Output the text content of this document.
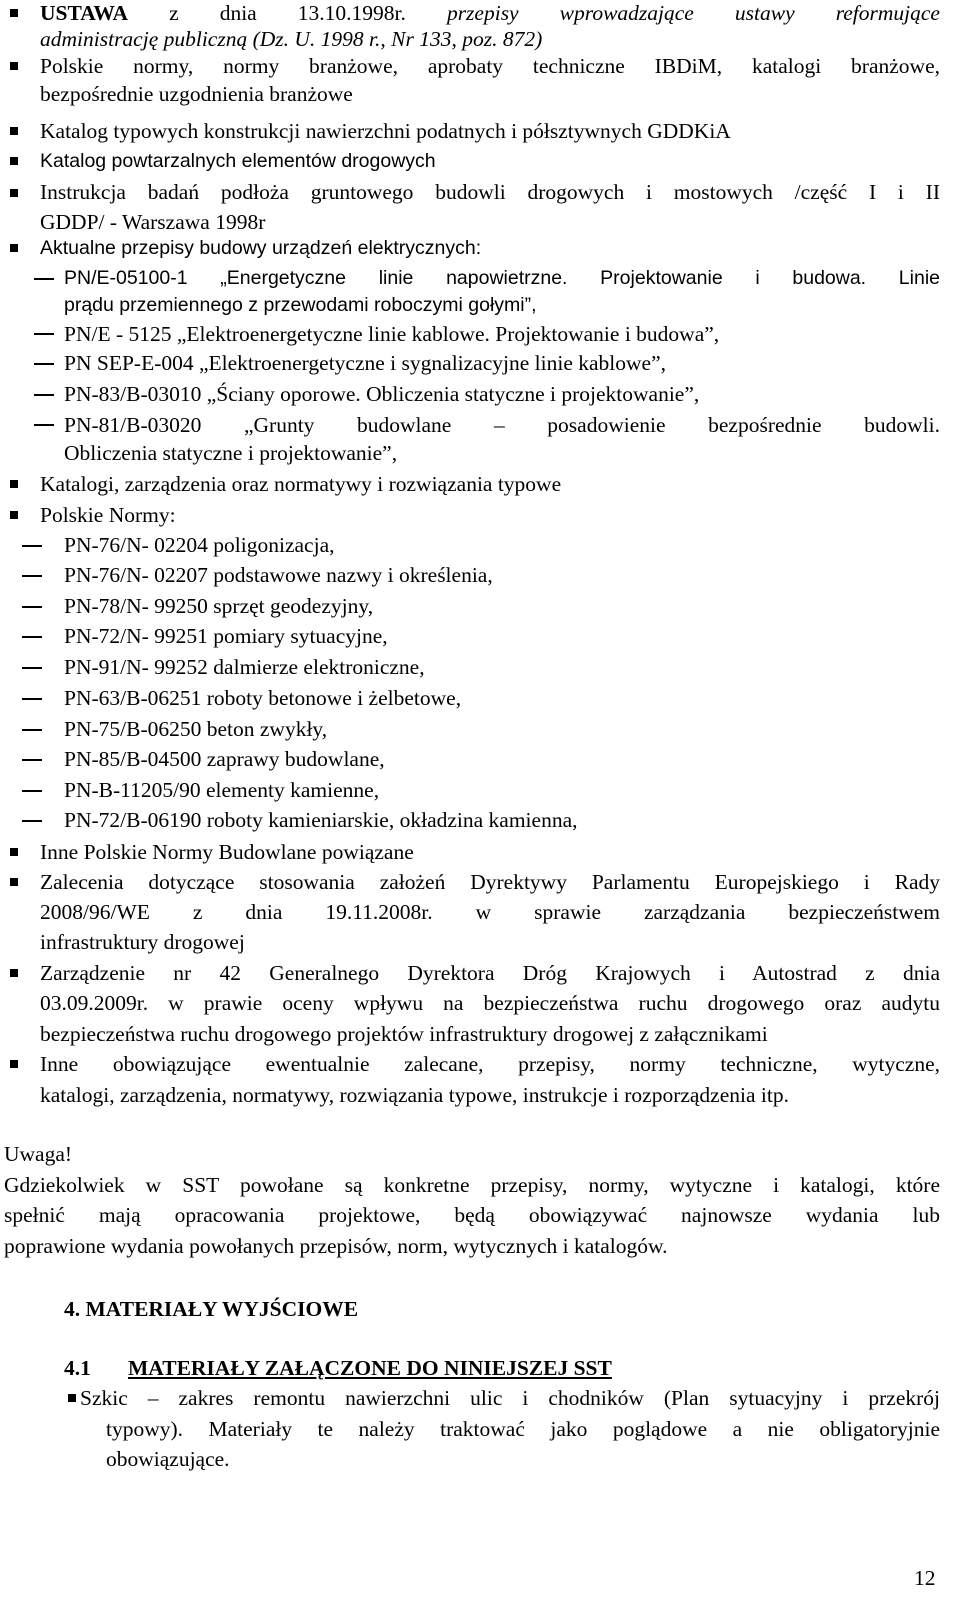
USTAWA z dnia 13.10.1998r. przepisy wprowadzające ustawy reformujące
administrację publiczną (Dz. U. 1998 r., Nr 133, poz. 872)
Polskie normy, normy branżowe, aprobaty techniczne IBDiM, katalogi branżowe,
bezpośrednie uzgodnienia branżowe
Katalog typowych konstrukcji nawierzchni podatnych i półsztywnych GDDKiA
Katalog powtarzalnych elementów drogowych
Instrukcja badań podłoża gruntowego budowli drogowych i mostowych /część I i II
GDDP/ - Warszawa 1998r
Aktualne przepisy budowy urządzeń elektrycznych:
PN/E-05100-1 „Energetyczne linie napowietrzne. Projektowanie i budowa. Linie
prądu przemiennego z przewodami roboczymi gołymi”,
PN/E - 5125 „Elektroenergetyczne linie kablowe. Projektowanie i budowa”,
PN SEP-E-004 „Elektroenergetyczne i sygnalizacyjne linie kablowe”,
PN-83/B-03010 „Ściany oporowe. Obliczenia statyczne i projektowanie”,
PN-81/B-03020 „Grunty budowlane – posadowienie bezpośrednie budowli.
Obliczenia statyczne i projektowanie”,
Katalogi, zarządzenia oraz normatywy i rozwiązania typowe
Polskie Normy:
PN-76/N- 02204 poligonizacja,
PN-76/N- 02207 podstawowe nazwy i określenia,
PN-78/N- 99250 sprzęt geodezyjny,
PN-72/N- 99251 pomiary sytuacyjne,
PN-91/N- 99252 dalmierze elektroniczne,
PN-63/B-06251 roboty betonowe i żelbetowe,
PN-75/B-06250 beton zwykły,
PN-85/B-04500 zaprawy budowlane,
PN-B-11205/90 elementy kamienne,
PN-72/B-06190 roboty kamieniarskie, okładzina kamienna,
Inne Polskie Normy Budowlane powiązane
Zalecenia dotyczące stosowania założeń Dyrektywy Parlamentu Europejskiego i Rady
2008/96/WE z dnia 19.11.2008r. w sprawie zarządzania bezpieczeństwem
infrastruktury drogowej
Zarządzenie nr 42 Generalnego Dyrektora Dróg Krajowych i Autostrad z dnia
03.09.2009r. w prawie oceny wpływu na bezpieczeństwa ruchu drogowego oraz audytu
bezpieczeństwa ruchu drogowego projektów infrastruktury drogowej z załącznikami
Inne obowiązujące ewentualnie zalecane, przepisy, normy techniczne, wytyczne,
katalogi, zarządzenia, normatywy, rozwiązania typowe, instrukcje i rozporządzenia itp.
Uwaga!
Gdziekolwiek w SST powołane są konkretne przepisy, normy, wytyczne i katalogi, które
spełnić mają opracowania projektowe, będą obowiązywać najnowsze wydania lub
poprawione wydania powołanych przepisów, norm, wytycznych i katalogów.
4. MATERIAŁY WYJŚCIOWE
4.1 MATERIAŁY ZAŁĄCZONE DO NINIEJSZEJ SST
Szkic – zakres remontu nawierzchni ulic i chodników (Plan sytuacyjny i przekrój
typowy). Materiały te należy traktować jako poglądowe a nie obligatoryjnie
obowiązujące.
12
